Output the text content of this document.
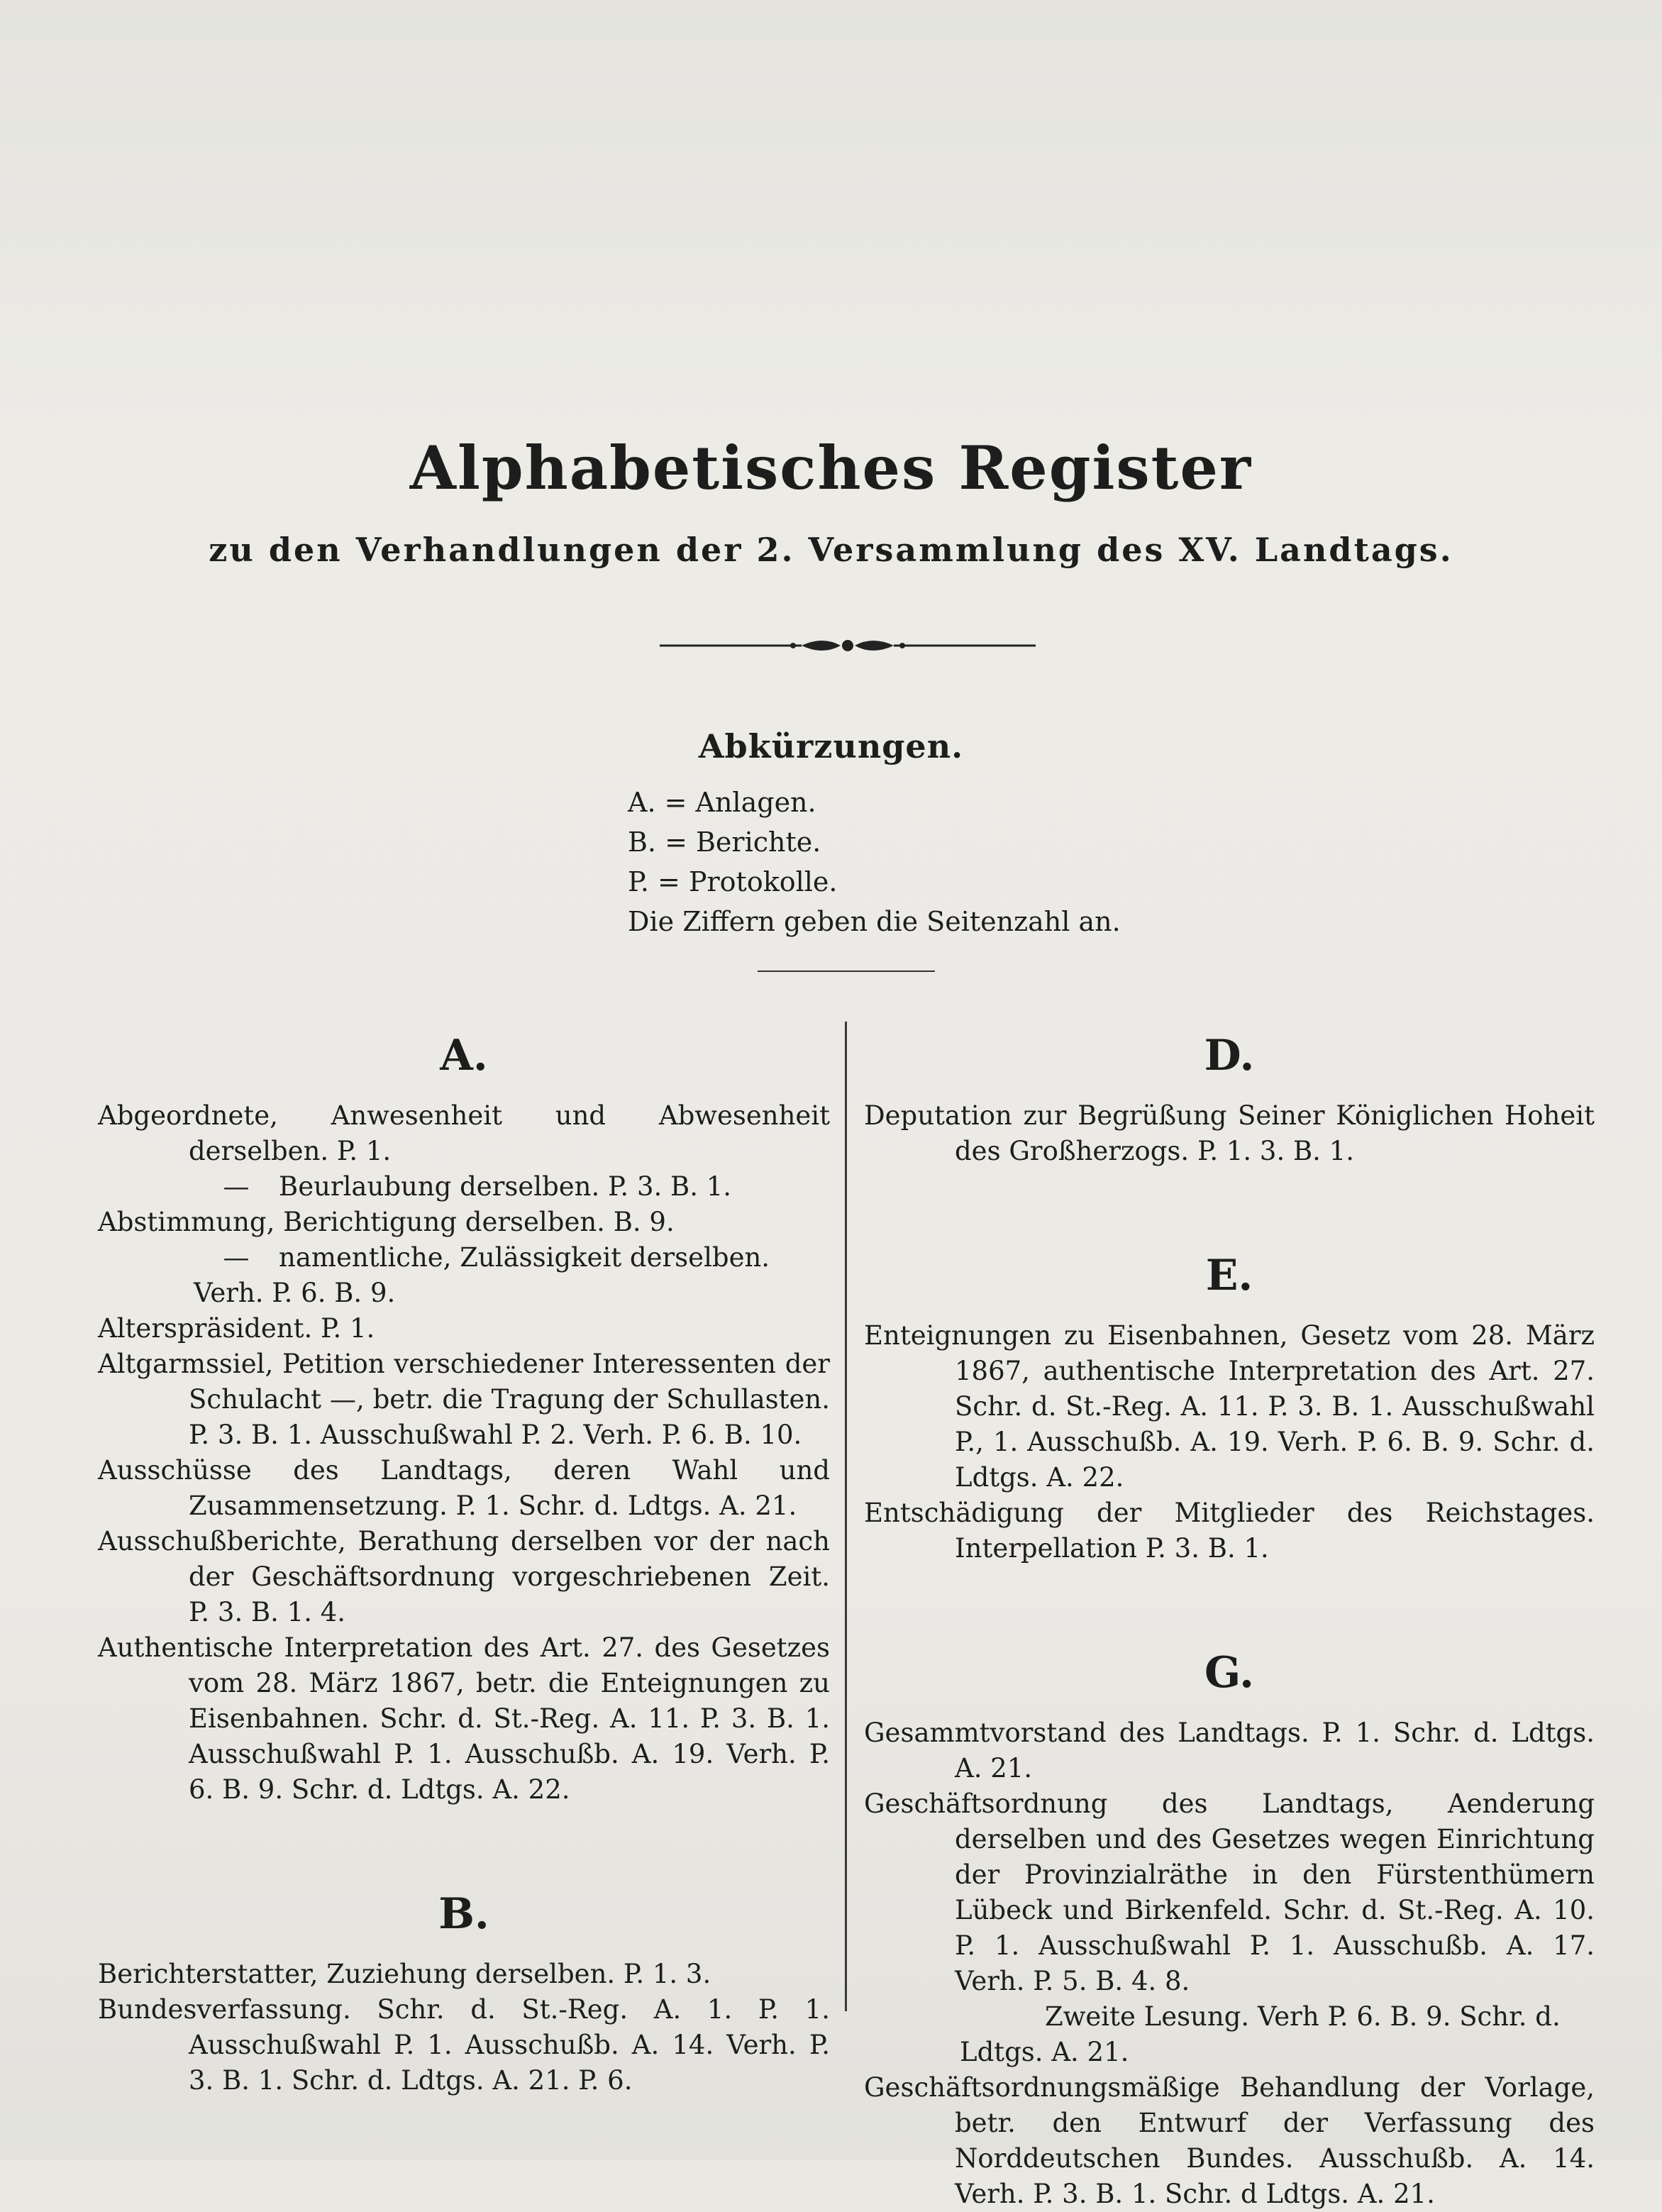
Alphabetisches Register
zu den Verhandlungen der 2. Versammlung des XV. Landtags.
Abkürzungen.
A. = Anlagen.
B. = Berichte.
P. = Protokolle.
Die Ziffern geben die Seitenzahl an.
A.
Abgeordnete, Anwesenheit und Abwesenheit derselben. P. 1.
— Beurlaubung derselben. P. 3. B. 1.
Abstimmung, Berichtigung derselben. B. 9.
— namentliche, Zulässigkeit derselben. Verh. P. 6. B. 9.
Alterspräsident. P. 1.
Altgarmssiel, Petition verschiedener Interessenten der Schulacht —, betr. die Tragung der Schullasten. P. 3. B. 1. Ausschußwahl P. 2. Verh. P. 6. B. 10.
Ausschüsse des Landtags, deren Wahl und Zusammensetzung. P. 1. Schr. d. Ldtgs. A. 21.
Ausschußberichte, Berathung derselben vor der nach der Geschäftsordnung vorgeschriebenen Zeit. P. 3. B. 1. 4.
Authentische Interpretation des Art. 27. des Gesetzes vom 28. März 1867, betr. die Enteignungen zu Eisenbahnen. Schr. d. St.-Reg. A. 11. P. 3. B. 1. Ausschußwahl P. 1. Ausschußb. A. 19. Verh. P. 6. B. 9. Schr. d. Ldtgs. A. 22.
B.
Berichterstatter, Zuziehung derselben. P. 1. 3.
Bundesverfassung. Schr. d. St.-Reg. A. 1. P. 1. Ausschußwahl P. 1. Ausschußb. A. 14. Verh. P. 3. B. 1. Schr. d. Ldtgs. A. 21. P. 6.
D.
Deputation zur Begrüßung Seiner Königlichen Hoheit des Großherzogs. P. 1. 3. B. 1.
E.
Enteignungen zu Eisenbahnen, Gesetz vom 28. März 1867, authentische Interpretation des Art. 27. Schr. d. St.-Reg. A. 11. P. 3. B. 1. Ausschußwahl P., 1. Ausschußb. A. 19. Verh. P. 6. B. 9. Schr. d. Ldtgs. A. 22.
Entschädigung der Mitglieder des Reichstages. Interpellation P. 3. B. 1.
G.
Gesammtvorstand des Landtags. P. 1. Schr. d. Ldtgs. A. 21.
Geschäftsordnung des Landtags, Aenderung derselben und des Gesetzes wegen Einrichtung der Provinzialräthe in den Fürstenthümern Lübeck und Birkenfeld. Schr. d. St.-Reg. A. 10. P. 1. Ausschußwahl P. 1. Ausschußb. A. 17. Verh. P. 5. B. 4. 8.
Zweite Lesung. Verh P. 6. B. 9. Schr. d. Ldtgs. A. 21.
Geschäftsordnungsmäßige Behandlung der Vorlage, betr. den Entwurf der Verfassung des Norddeutschen Bundes. Ausschußb. A. 14. Verh. P. 3. B. 1. Schr. d Ldtgs. A. 21.
